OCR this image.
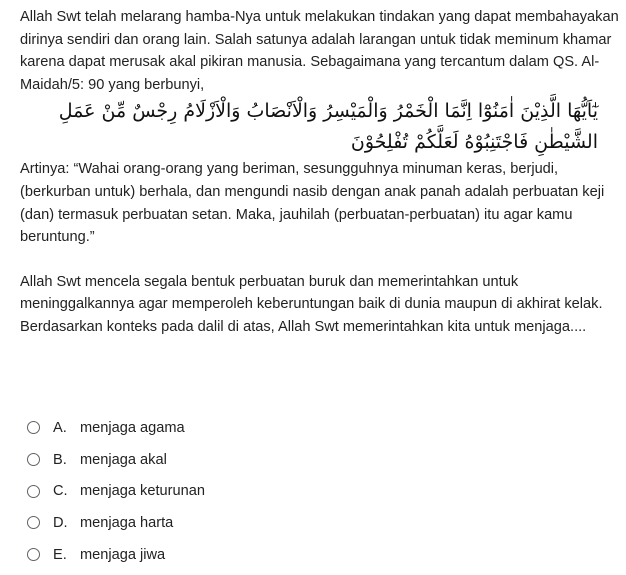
Allah Swt telah melarang hamba-Nya untuk melakukan tindakan yang dapat membahayakan dirinya sendiri dan orang lain. Salah satunya adalah larangan untuk tidak meminum khamar karena dapat merusak akal pikiran manusia. Sebagaimana yang tercantum dalam QS. Al-Maidah/5: 90 yang berbunyi,

يٰٓاَيُّهَا الَّذِيْنَ اٰمَنُوْٓا اِنَّمَا الْخَمْرُ وَالْمَيْسِرُ وَالْاَنْصَابُ وَالْاَزْلَامُ رِجْسٌ مِّنْ عَمَلِ الشَّيْطٰنِ فَاجْتَنِبُوْهُ لَعَلَّكُمْ تُفْلِحُوْنَ

Artinya: “Wahai orang-orang yang beriman, sesungguhnya minuman keras, berjudi, (berkurban untuk) berhala, dan mengundi nasib dengan anak panah adalah perbuatan keji (dan) termasuk perbuatan setan. Maka, jauhilah (perbuatan-perbuatan) itu agar kamu beruntung.”

Allah Swt mencela segala bentuk perbuatan buruk dan memerintahkan untuk meninggalkannya agar memperoleh keberuntungan baik di dunia maupun di akhirat kelak. Berdasarkan konteks pada dalil di atas, Allah Swt memerintahkan kita untuk menjaga....

A. menjaga agama
B. menjaga akal
C. menjaga keturunan
D. menjaga harta
E. menjaga jiwa
